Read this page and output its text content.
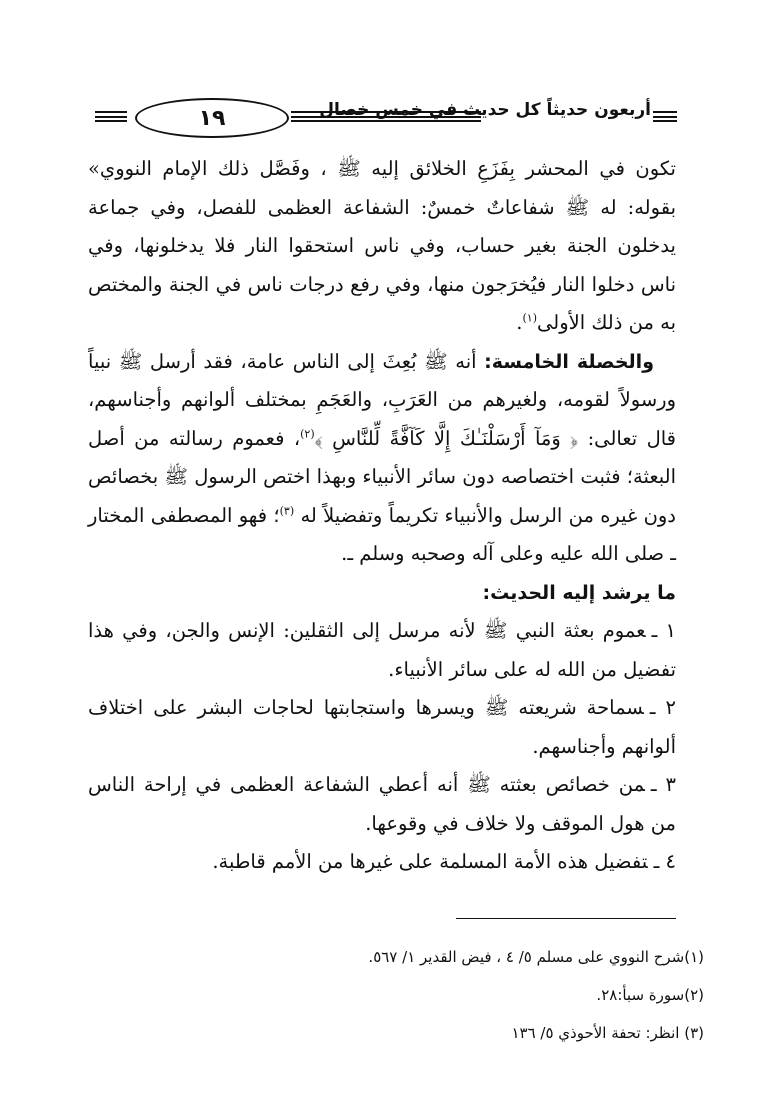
١٩	أربعون حديثاً كل حديث في خمس خصال

تكون في المحشر بِفَزَعِ الخلائق إليه ﷺ ، وفَصَّل ذلك الإمام النووي» بقوله: له ﷺ شفاعاتٌ خمسٌ: الشفاعة العظمى للفصل، وفي جماعة يدخلون الجنة بغير حساب، وفي ناس استحقوا النار فلا يدخلونها، وفي ناس دخلوا النار فيُخرَجون منها، وفي رفع درجات ناس في الجنة والمختص به من ذلك الأولى$^{(١)}$.

والخصلة الخامسة: أنه ﷺ بُعِثَ إلى الناس عامة، فقد أرسل ﷺ نبياً ورسولاً لقومه، ولغيرهم من العَرَبِ، والعَجَمِ بمختلف ألوانهم وأجناسهم، قال تعالى: ﴿ وَمَآ أَرْسَلْنَـٰكَ إِلَّا كَآفَّةً لِّلنَّاسِ ﴾$^{(٢)}$، فعموم رسالته من أصل البعثة؛ فثبت اختصاصه دون سائر الأنبياء وبهذا اختص الرسول ﷺ بخصائص دون غيره من الرسل والأنبياء تكريماً وتفضيلاً له $^{(٣)}$؛ فهو المصطفى المختار ـ صلى الله عليه وعلى آله وصحبه وسلم ـ.

ما يرشد إليه الحديث:

١ ـعموم بعثة النبي ﷺ لأنه مرسل إلى الثقلين: الإنس والجن، وفي هذا تفضيل من الله له على سائر الأنبياء.
٢ ـسماحة شريعته ﷺ ويسرها واستجابتها لحاجات البشر على اختلاف ألوانهم وأجناسهم.
٣ ـمن خصائص بعثته ﷺ أنه أعطي الشفاعة العظمى في إراحة الناس من هول الموقف ولا خلاف في وقوعها.
٤ ـتفضيل هذه الأمة المسلمة على غيرها من الأمم قاطبة.

(١)شرح النووي على مسلم ٥/ ٤ ، فيض القدير ١/ ٥٦٧.

(٢)سورة سبأ:٢٨.

(٣) انظر: تحفة الأحوذي ٥/ ١٣٦
